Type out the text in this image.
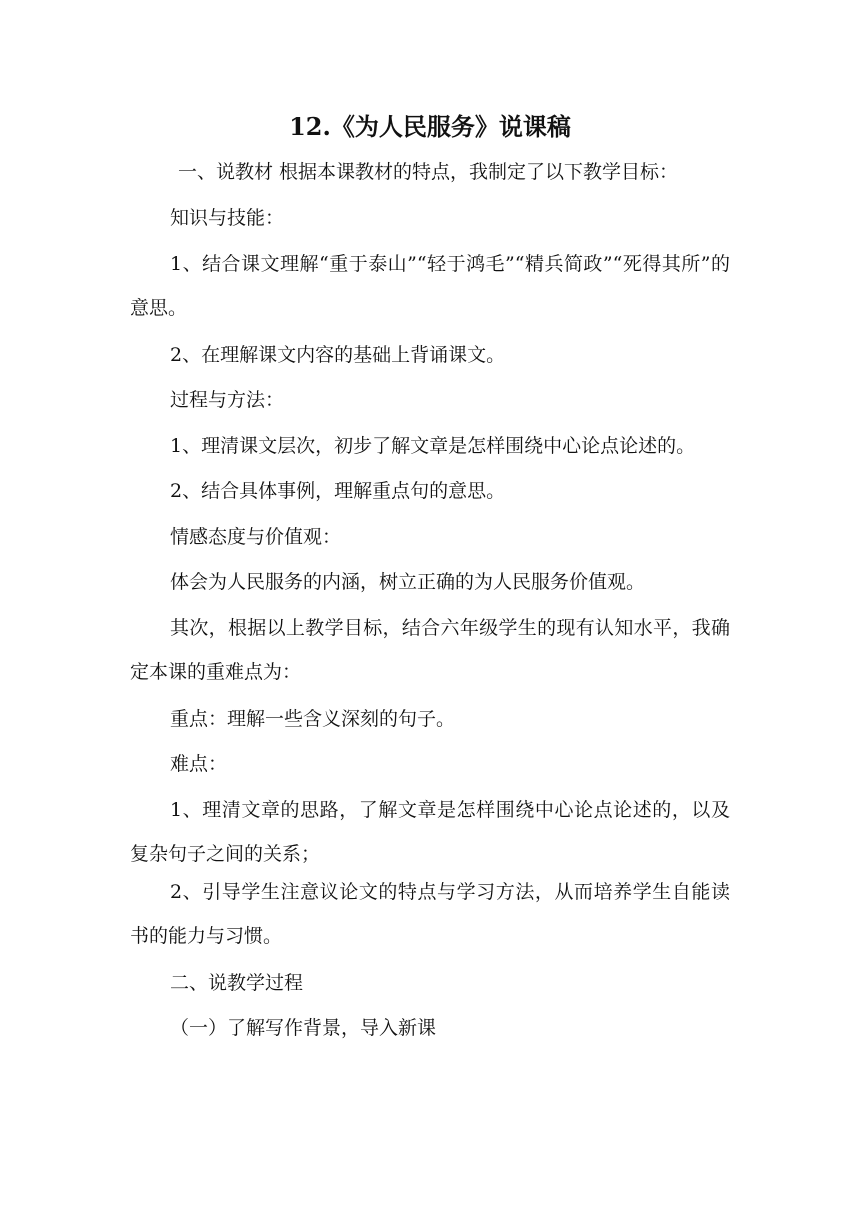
12.《为人民服务》说课稿
一、说教材 根据本课教材的特点，我制定了以下教学目标：
知识与技能：
1、结合课文理解“重于泰山”“轻于鸿毛”“精兵简政”“死得其所”的意思。
2、在理解课文内容的基础上背诵课文。
过程与方法：
1、理清课文层次，初步了解文章是怎样围绕中心论点论述的。
2、结合具体事例，理解重点句的意思。
情感态度与价值观：
体会为人民服务的内涵，树立正确的为人民服务价值观。
其次，根据以上教学目标，结合六年级学生的现有认知水平，我确定本课的重难点为：
重点：理解一些含义深刻的句子。
难点：
1、理清文章的思路，了解文章是怎样围绕中心论点论述的，以及复杂句子之间的关系；
2、引导学生注意议论文的特点与学习方法，从而培养学生自能读书的能力与习惯。
二、说教学过程
（一）了解写作背景，导入新课
